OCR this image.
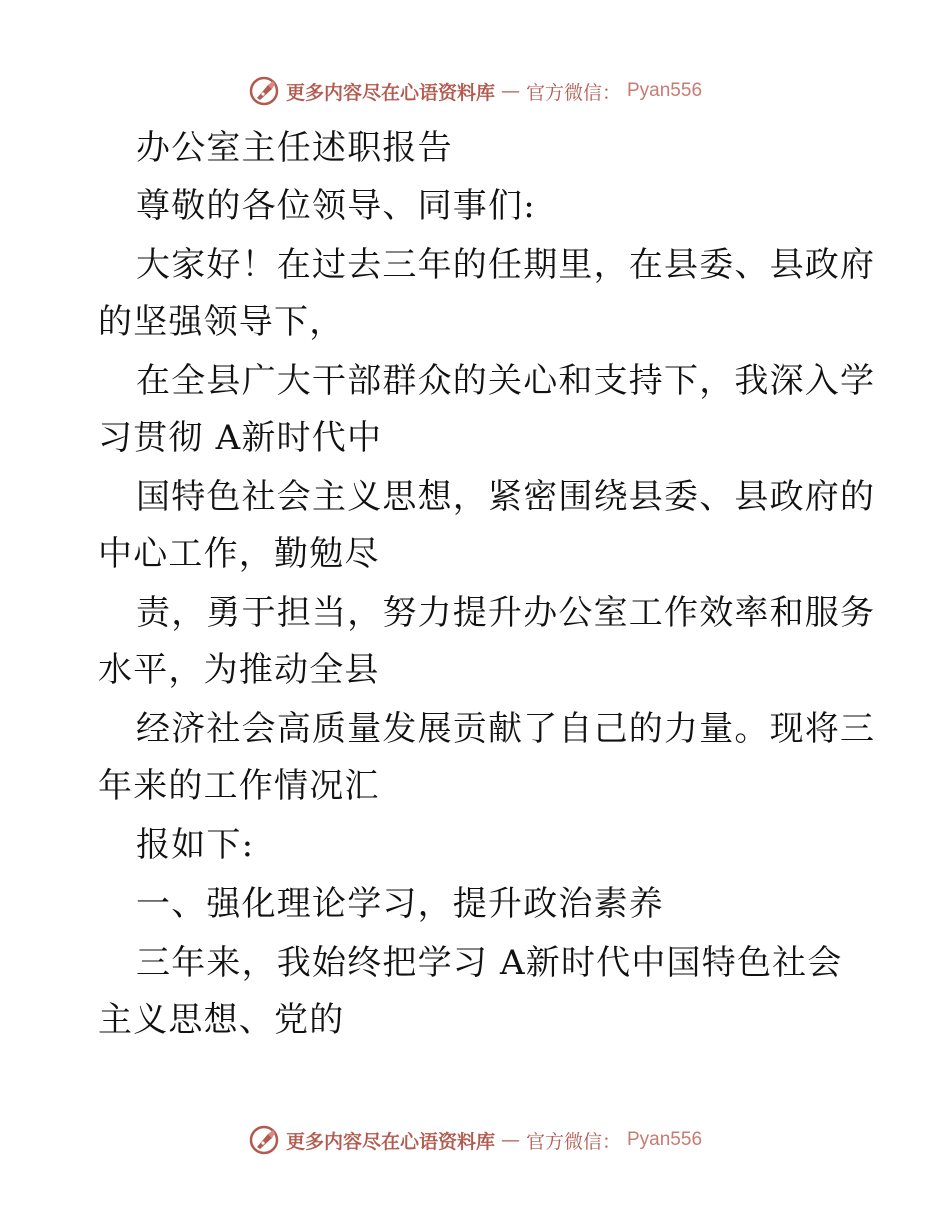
更多内容尽在心语资料库 — 官方微信： Pyan556
办公室主任述职报告
尊敬的各位领导、同事们:
大家好！在过去三年的任期里，在县委、县政府
的坚强领导下，
在全县广大干部群众的关心和支持下，我深入学
习贯彻 A新时代中
国特色社会主义思想，紧密围绕县委、县政府的
中心工作，勤勉尽
责，勇于担当，努力提升办公室工作效率和服务
水平，为推动全县
经济社会高质量发展贡献了自己的力量。现将三
年来的工作情况汇
报如下:
一、强化理论学习，提升政治素养
三年来，我始终把学习 A新时代中国特色社会
主义思想、党的
更多内容尽在心语资料库 — 官方微信： Pyan556
